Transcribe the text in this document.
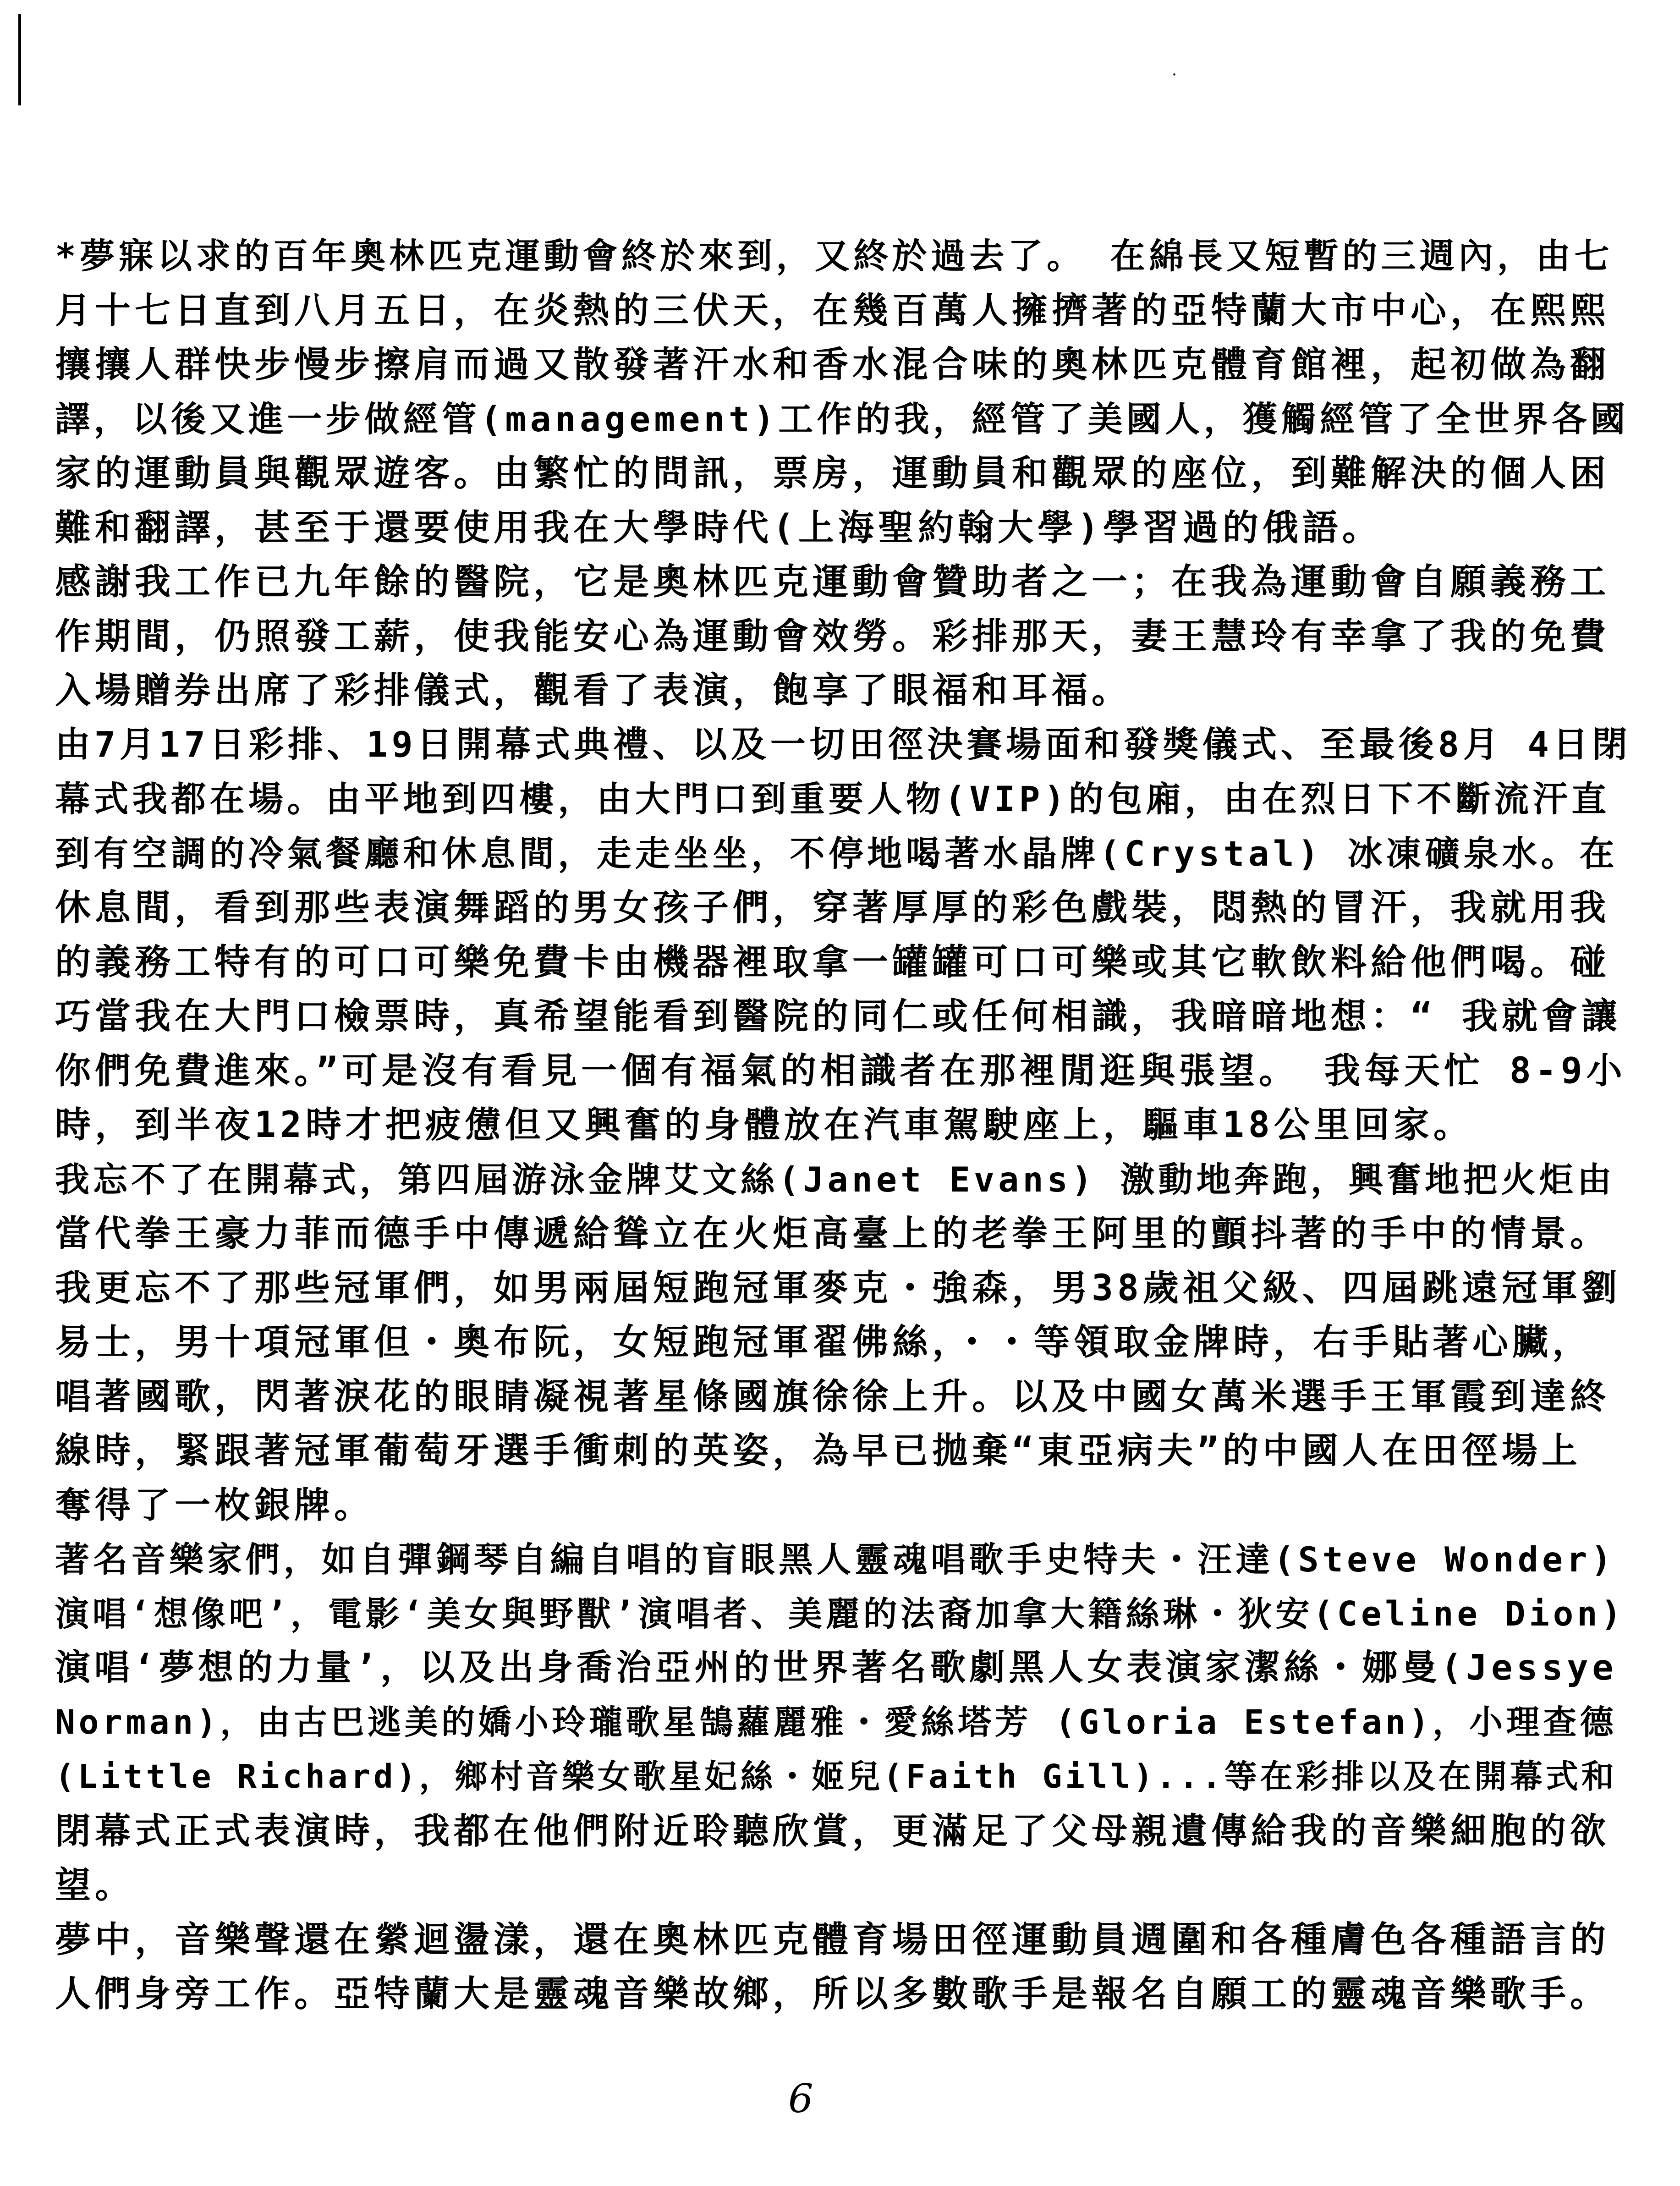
*夢寐以求的百年奧林匹克運動會終於來到，又終於過去了。 在綿長又短暫的三週內，由七
月十七日直到八月五日，在炎熱的三伏天，在幾百萬人擁擠著的亞特蘭大市中心，在熙熙
攘攘人群快步慢步擦肩而過又散發著汗水和香水混合味的奧林匹克體育館裡，起初做為翻
譯，以後又進一步做經管(management)工作的我，經管了美國人，獲觸經管了全世界各國
家的運動員與觀眾遊客。由繁忙的問訊，票房，運動員和觀眾的座位，到難解決的個人困
難和翻譯，甚至于還要使用我在大學時代(上海聖約翰大學)學習過的俄語。
感謝我工作已九年餘的醫院，它是奧林匹克運動會贊助者之一；在我為運動會自願義務工
作期間，仍照發工薪，使我能安心為運動會效勞。彩排那天，妻王慧玲有幸拿了我的免費
入場贈券出席了彩排儀式，觀看了表演，飽享了眼福和耳福。
由7月17日彩排、19日開幕式典禮、以及一切田徑決賽場面和發獎儀式、至最後8月 4日閉
幕式我都在場。由平地到四樓，由大門口到重要人物(VIP)的包廂，由在烈日下不斷流汗直
到有空調的冷氣餐廳和休息間，走走坐坐，不停地喝著水晶牌(Crystal) 冰凍礦泉水。在
休息間，看到那些表演舞蹈的男女孩子們，穿著厚厚的彩色戲裝，悶熱的冒汗，我就用我
的義務工特有的可口可樂免費卡由機器裡取拿一罐罐可口可樂或其它軟飲料給他們喝。碰
巧當我在大門口檢票時，真希望能看到醫院的同仁或任何相識，我暗暗地想：“ 我就會讓
你們免費進來。”可是沒有看見一個有福氣的相識者在那裡閒逛與張望。 我每天忙 8-9小
時，到半夜12時才把疲憊但又興奮的身體放在汽車駕駛座上，驅車18公里回家。
我忘不了在開幕式，第四屆游泳金牌艾文絲(Janet Evans) 激動地奔跑，興奮地把火炬由
當代拳王豪力菲而德手中傳遞給聳立在火炬高臺上的老拳王阿里的顫抖著的手中的情景。
我更忘不了那些冠軍們，如男兩屆短跑冠軍麥克・強森，男38歲祖父級、四屆跳遠冠軍劉
易士，男十項冠軍但・奧布阮，女短跑冠軍翟佛絲，・・等領取金牌時，右手貼著心臟，
唱著國歌，閃著淚花的眼睛凝視著星條國旗徐徐上升。以及中國女萬米選手王軍霞到達終
線時，緊跟著冠軍葡萄牙選手衝刺的英姿，為早已拋棄“東亞病夫”的中國人在田徑場上
奪得了一枚銀牌。
著名音樂家們，如自彈鋼琴自編自唱的盲眼黑人靈魂唱歌手史特夫・汪達(Steve Wonder)
演唱‘想像吧’，電影‘美女與野獸’演唱者、美麗的法裔加拿大籍絲琳・狄安(Celine Dion)
演唱‘夢想的力量’，以及出身喬治亞州的世界著名歌劇黑人女表演家潔絲・娜曼(Jessye
Norman)，由古巴逃美的嬌小玲瓏歌星鵠蘿麗雅・愛絲塔芳 (Gloria Estefan)，小理查德
(Little Richard)，鄉村音樂女歌星妃絲・姬兒(Faith Gill)...等在彩排以及在開幕式和
閉幕式正式表演時，我都在他們附近聆聽欣賞，更滿足了父母親遺傳給我的音樂細胞的欲
望。
夢中，音樂聲還在縈迴盪漾，還在奧林匹克體育場田徑運動員週圍和各種膚色各種語言的
人們身旁工作。亞特蘭大是靈魂音樂故鄉，所以多數歌手是報名自願工的靈魂音樂歌手。
6
